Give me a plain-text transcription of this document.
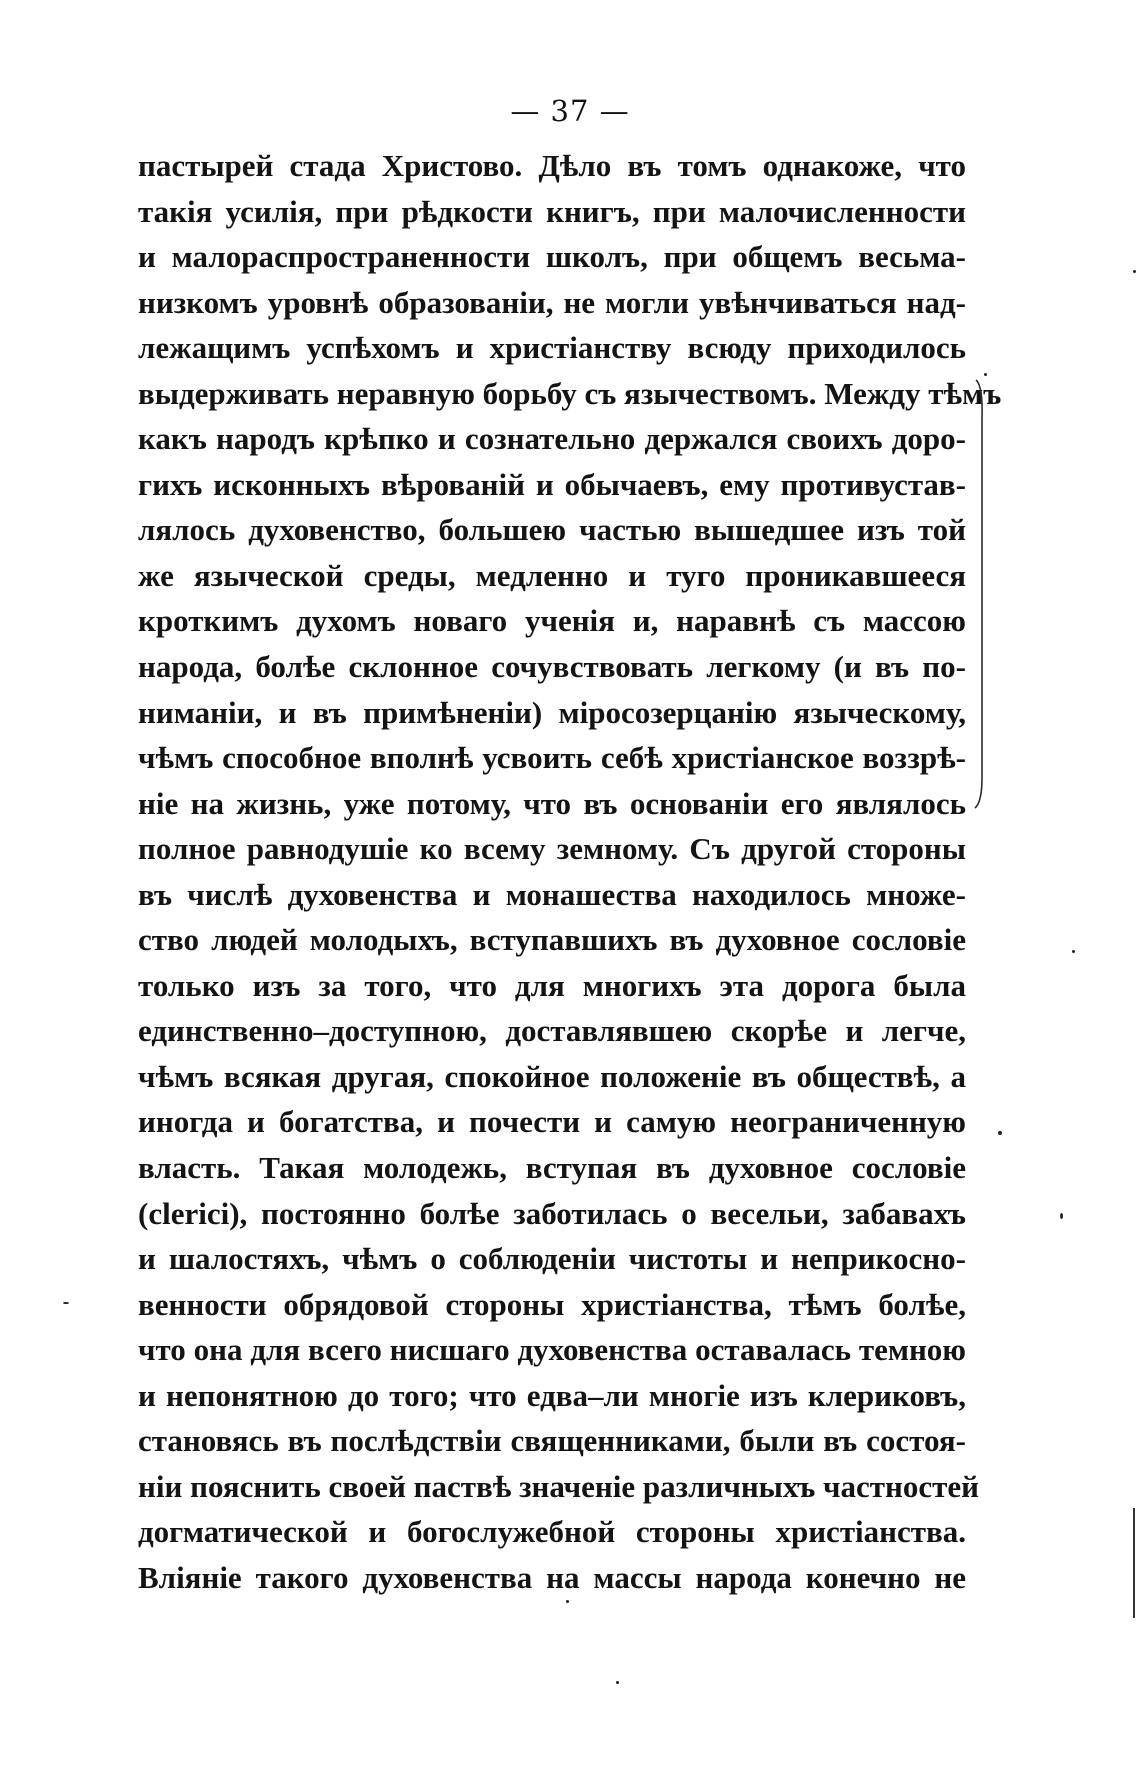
— 37 —
пастырей стада Христово. Дѣло въ томъ однакоже, что
такія усилія, при рѣдкости книгъ, при малочисленности
и малораспространенности школъ, при общемъ весьма-
низкомъ уровнѣ образованіи, не могли увѣнчиваться над-
лежащимъ успѣхомъ и христіанству всюду приходилось
выдерживать неравную борьбу съ язычествомъ. Между тѣмъ
какъ народъ крѣпко и сознательно держался своихъ доро-
гихъ исконныхъ вѣрованій и обычаевъ, ему противустав-
лялось духовенство, большею частью вышедшее изъ той
же языческой среды, медленно и туго проникавшееся
кроткимъ духомъ новаго ученія и, наравнѣ съ массою
народа, болѣе склонное сочувствовать легкому (и въ по-
ниманіи, и въ примѣненіи) міросозерцанію языческому,
чѣмъ способное вполнѣ усвоить себѣ христіанское воззрѣ-
ніе на жизнь, уже потому, что въ основаніи его являлось
полное равнодушіе ко всему земному. Съ другой стороны
въ числѣ духовенства и монашества находилось множе-
ство людей молодыхъ, вступавшихъ въ духовное сословіе
только изъ за того, что для многихъ эта дорога была
единственно–доступною, доставлявшею скорѣе и легче,
чѣмъ всякая другая, спокойное положеніе въ обществѣ, а
иногда и богатства, и почести и самую неограниченную
власть. Такая молодежь, вступая въ духовное сословіе
(clerici), постоянно болѣе заботилась о весельи, забавахъ
и шалостяхъ, чѣмъ о соблюденіи чистоты и неприкосно-
венности обрядовой стороны христіанства, тѣмъ болѣе,
что она для всего нисшаго духовенства оставалась темною
и непонятною до того; что едва–ли многіе изъ клериковъ,
становясь въ послѣдствіи священниками, были въ состоя-
ніи пояснить своей паствѣ значеніе различныхъ частностей
догматической и богослужебной стороны христіанства.
Вліяніе такого духовенства на массы народа конечно не
